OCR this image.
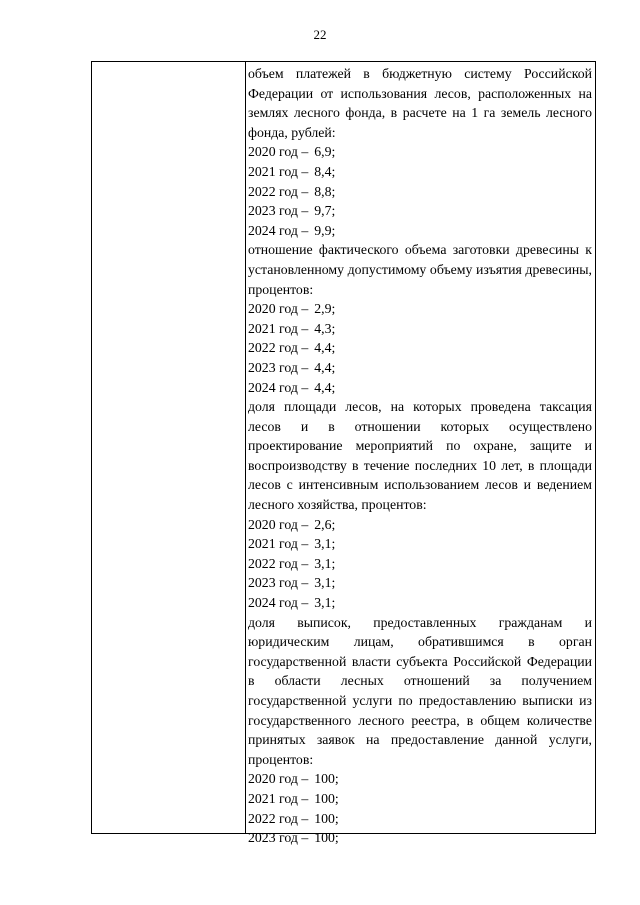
22

объем платежей в бюджетную систему Российской Федерации от использования лесов, расположенных на землях лесного фонда, в расчете на 1 га земель лесного фонда, рублей:

2020 год – 6,9;

2021 год – 8,4;

2022 год – 8,8;

2023 год – 9,7;

2024 год – 9,9;

отношение фактического объема заготовки древесины к установленному допустимому объему изъятия древесины, процентов:

2020 год – 2,9;

2021 год – 4,3;

2022 год – 4,4;

2023 год – 4,4;

2024 год – 4,4;

доля площади лесов, на которых проведена таксация лесов и в отношении которых осуществлено проектирование мероприятий по охране, защите и воспроизводству в течение последних 10 лет, в площади лесов с интенсивным использованием лесов и ведением лесного хозяйства, процентов:

2020 год – 2,6;

2021 год – 3,1;

2022 год – 3,1;

2023 год – 3,1;

2024 год – 3,1;

доля выписок, предоставленных гражданам и юридическим лицам, обратившимся в орган государственной власти субъекта Российской Федерации в области лесных отношений за получением государственной услуги по предоставлению выписки из государственного лесного реестра, в общем количестве принятых заявок на предоставление данной услуги, процентов:

2020 год – 100;

2021 год – 100;

2022 год – 100;

2023 год – 100;
